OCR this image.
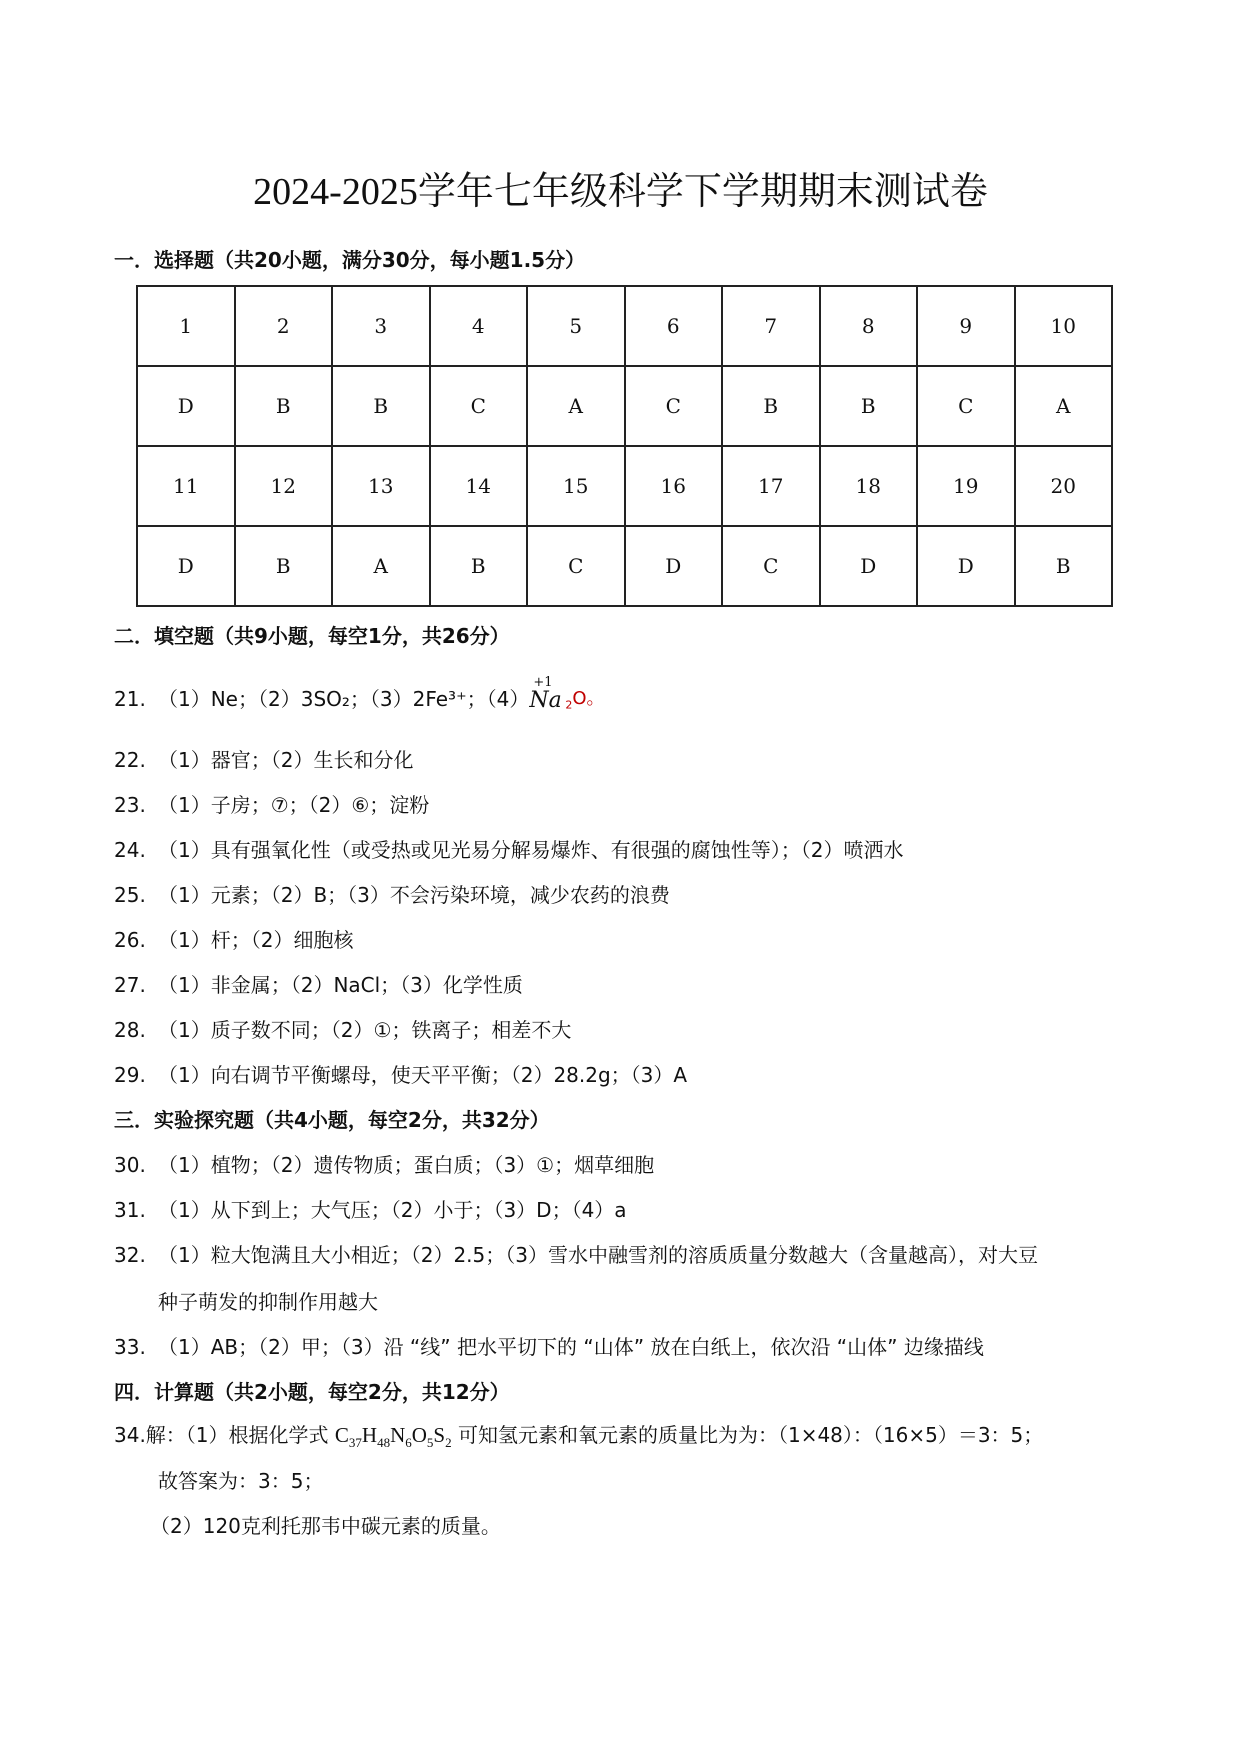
2024-2025学年七年级科学下学期期末测试卷
一．选择题（共20小题，满分30分，每小题1.5分）
1	2	3	4	5	6	7	8	9	10
D	B	B	C	A	C	B	B	C	A
11	12	13	14	15	16	17	18	19	20
D	B	A	B	C	D	C	D	D	B
二．填空题（共9小题，每空1分，共26分）
21. （1）Ne；（2）3SO₂；（3）2Fe³⁺；（4）
+1
Na $_2$O。
22. （1）器官；（2）生长和分化
23. （1）子房；⑦；（2）⑥；淀粉
24. （1）具有强氧化性（或受热或见光易分解易爆炸、有很强的腐蚀性等）；（2）喷洒水
25. （1）元素；（2）B；（3）不会污染环境，减少农药的浪费
26. （1）杆；（2）细胞核
27. （1）非金属；（2）NaCl；（3）化学性质
28. （1）质子数不同；（2）①；铁离子；相差不大
29. （1）向右调节平衡螺母，使天平平衡；（2）28.2g；（3）A
三．实验探究题（共4小题，每空2分，共32分）
30. （1）植物；（2）遗传物质；蛋白质；（3）①；烟草细胞
31. （1）从下到上；大气压；（2）小于；（3）D；（4）a
32. （1）粒大饱满且大小相近；（2）2.5；（3）雪水中融雪剂的溶质质量分数越大（含量越高），对大豆
种子萌发的抑制作用越大
33. （1）AB；（2）甲；（3）沿 “线” 把水平切下的 “山体” 放在白纸上，依次沿 “山体” 边缘描线
四．计算题（共2小题，每空2分，共12分）
34.解：（1）根据化学式 $C_{37}H_{48}N_6O_5S_2$ 可知氢元素和氧元素的质量比为为：（1×48）：（16×5）＝3：5；
故答案为：3：5；
（2）120克利托那韦中碳元素的质量。
